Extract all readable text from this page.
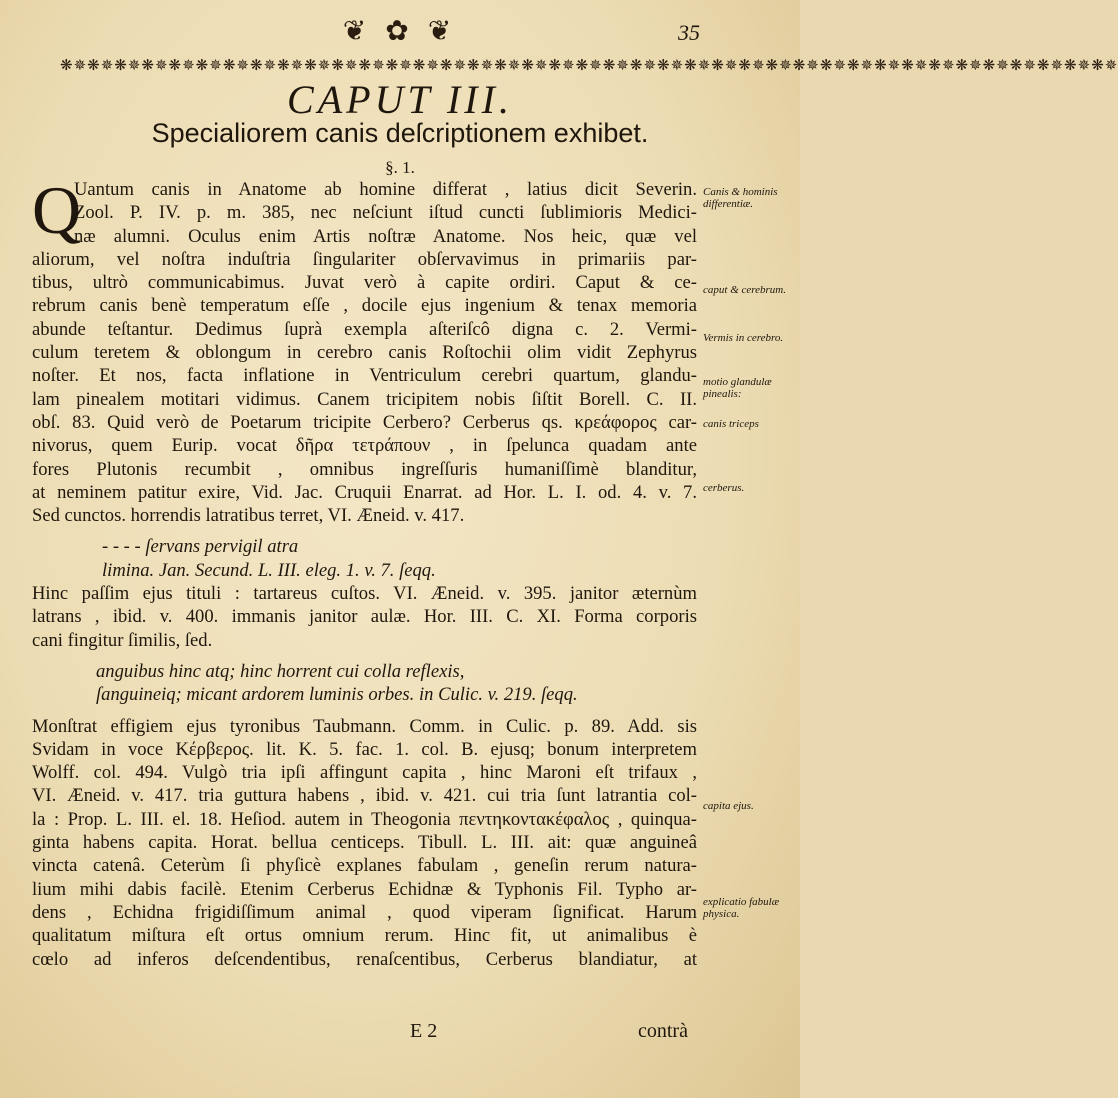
❦ ✿ ❦	35
❋✵❋✵❋✵❋✵❋✵❋✵❋✵❋✵❋✵❋✵❋✵❋✵❋✵❋✵❋✵❋✵❋✵❋✵❋✵❋✵❋✵❋✵❋✵❋✵❋✵❋✵❋✵❋✵❋✵❋✵❋✵❋✵❋✵❋✵❋✵❋✵❋✵❋✵❋✵
CAPUT III.
Specialiorem canis deſcriptionem exhibet.
§. 1.
Q
Uantum canis in Anatome ab homine differat , latius dicit Severin.
Zool. P. IV. p. m. 385, nec neſciunt iſtud cuncti ſublimioris Medici-
næ alumni. Oculus enim Artis noſtræ Anatome. Nos heic, quæ vel
aliorum, vel noſtra induſtria ſingulariter obſervavimus in primariis par-
tibus, ultrò communicabimus. Juvat verò à capite ordiri. Caput & ce-
rebrum canis benè temperatum eſſe , docile ejus ingenium & tenax memoria
abunde teſtantur. Dedimus ſuprà exempla aſteriſcô digna c. 2. Vermi-
culum teretem & oblongum in cerebro canis Roſtochii olim vidit Zephyrus
noſter. Et nos, facta inflatione in Ventriculum cerebri quartum, glandu-
lam pinealem motitari vidimus. Canem tricipitem nobis ſiſtit Borell. C. II.
obſ. 83. Quid verò de Poetarum tricipite Cerbero? Cerberus qs. κρεάφορος car-
nivorus, quem Eurip. vocat δῆρα τετράπουν , in ſpelunca quadam ante
fores Plutonis recumbit , omnibus ingreſſuris humaniſſimè blanditur,
at neminem patitur exire, Vid. Jac. Cruquii Enarrat. ad Hor. L. I. od. 4. v. 7.
Sed cunctos. horrendis latratibus terret, VI. Æneid. v. 417.
- - - - ſervans pervigil atra
limina. Jan. Secund. L. III. eleg. 1. v. 7. ſeqq.
Hinc paſſim ejus tituli : tartareus cuſtos. VI. Æneid. v. 395. janitor æternùm
latrans , ibid. v. 400. immanis janitor aulæ. Hor. III. C. XI. Forma corporis
cani fingitur ſimilis, ſed.
anguibus hinc atq; hinc horrent cui colla reflexis,
ſanguineiq; micant ardorem luminis orbes. in Culic. v. 219. ſeqq.
Monſtrat effigiem ejus tyronibus Taubmann. Comm. in Culic. p. 89. Add. sis
Svidam in voce Κέρβερος. lit. K. 5. fac. 1. col. B. ejusq; bonum interpretem
Wolff. col. 494. Vulgò tria ipſi affingunt capita , hinc Maroni eſt trifaux ,
VI. Æneid. v. 417. tria guttura habens , ibid. v. 421. cui tria ſunt latrantia col-
la : Prop. L. III. el. 18. Heſiod. autem in Theogonia πεντηκοντακέφαλος , quinqua-
ginta habens capita. Horat. bellua centiceps. Tibull. L. III. ait: quæ anguineâ
vincta catenâ. Ceterùm ſi phyſicè explanes fabulam , geneſin rerum natura-
lium mihi dabis facilè. Etenim Cerberus Echidnæ & Typhonis Fil. Typho ar-
dens , Echidna frigidiſſimum animal , quod viperam ſignificat. Harum
qualitatum miſtura eſt ortus omnium rerum. Hinc fit, ut animalibus è
cœlo ad inferos deſcendentibus, renaſcentibus, Cerberus blandiatur, at
Canis & hominis differentiæ.
caput & cerebrum.
Vermis in cerebro.
motio glandulæ pinealis:
canis triceps
cerberus.
capita ejus.
explicatio fabulæ physica.
E 2	contrà
